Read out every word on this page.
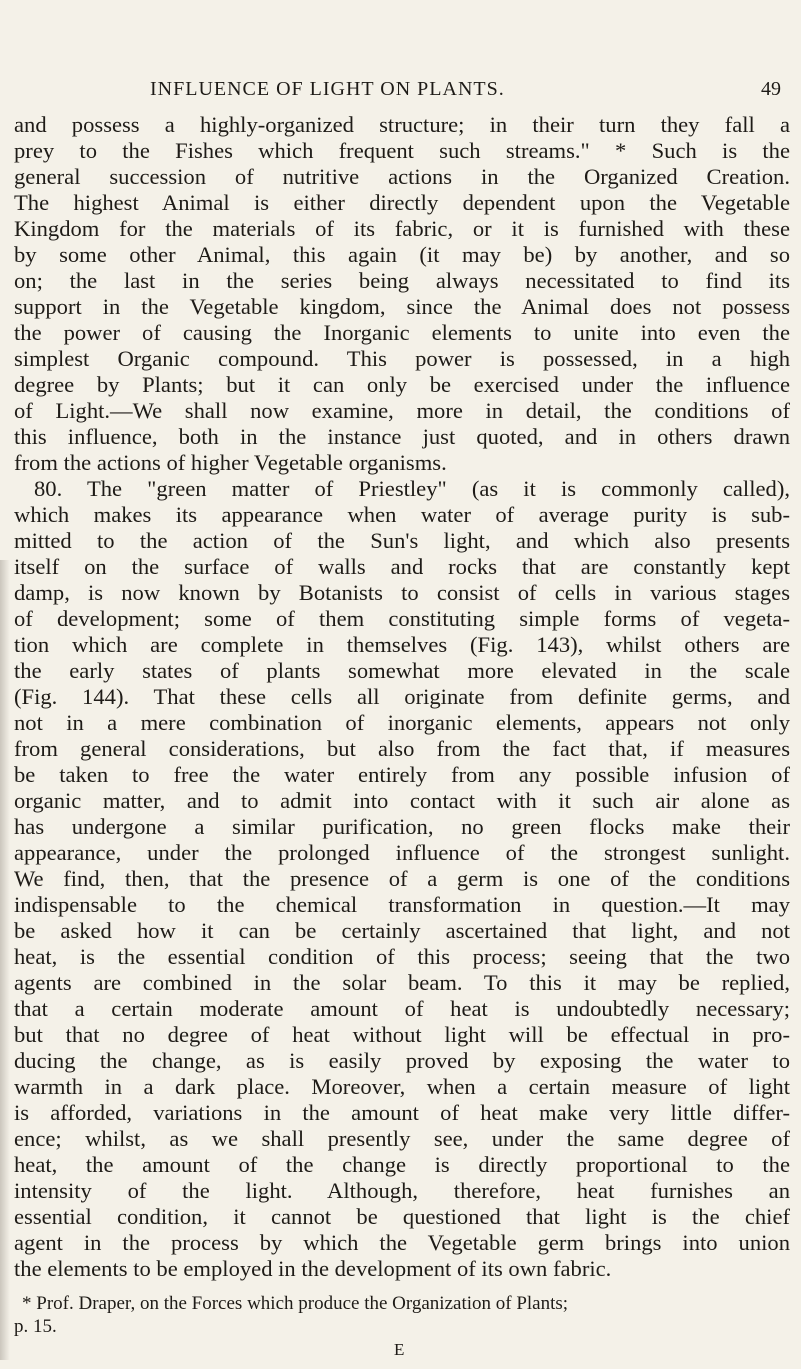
INFLUENCE OF LIGHT ON PLANTS.	49
and possess a highly-organized structure; in their turn they fall a
prey to the Fishes which frequent such streams." * Such is the
general succession of nutritive actions in the Organized Creation.
The highest Animal is either directly dependent upon the Vegetable
Kingdom for the materials of its fabric, or it is furnished with these
by some other Animal, this again (it may be) by another, and so
on; the last in the series being always necessitated to find its
support in the Vegetable kingdom, since the Animal does not possess
the power of causing the Inorganic elements to unite into even the
simplest Organic compound. This power is possessed, in a high
degree by Plants; but it can only be exercised under the influence
of Light.—We shall now examine, more in detail, the conditions of
this influence, both in the instance just quoted, and in others drawn
from the actions of higher Vegetable organisms.
80. The "green matter of Priestley" (as it is commonly called),
which makes its appearance when water of average purity is sub-
mitted to the action of the Sun's light, and which also presents
itself on the surface of walls and rocks that are constantly kept
damp, is now known by Botanists to consist of cells in various stages
of development; some of them constituting simple forms of vegeta-
tion which are complete in themselves (Fig. 143), whilst others are
the early states of plants somewhat more elevated in the scale
(Fig. 144). That these cells all originate from definite germs, and
not in a mere combination of inorganic elements, appears not only
from general considerations, but also from the fact that, if measures
be taken to free the water entirely from any possible infusion of
organic matter, and to admit into contact with it such air alone as
has undergone a similar purification, no green flocks make their
appearance, under the prolonged influence of the strongest sunlight.
We find, then, that the presence of a germ is one of the conditions
indispensable to the chemical transformation in question.—It may
be asked how it can be certainly ascertained that light, and not
heat, is the essential condition of this process; seeing that the two
agents are combined in the solar beam. To this it may be replied,
that a certain moderate amount of heat is undoubtedly necessary;
but that no degree of heat without light will be effectual in pro-
ducing the change, as is easily proved by exposing the water to
warmth in a dark place. Moreover, when a certain measure of light
is afforded, variations in the amount of heat make very little differ-
ence; whilst, as we shall presently see, under the same degree of
heat, the amount of the change is directly proportional to the
intensity of the light. Although, therefore, heat furnishes an
essential condition, it cannot be questioned that light is the chief
agent in the process by which the Vegetable germ brings into union
the elements to be employed in the development of its own fabric.
* Prof. Draper, on the Forces which produce the Organization of Plants;
p. 15.
E
